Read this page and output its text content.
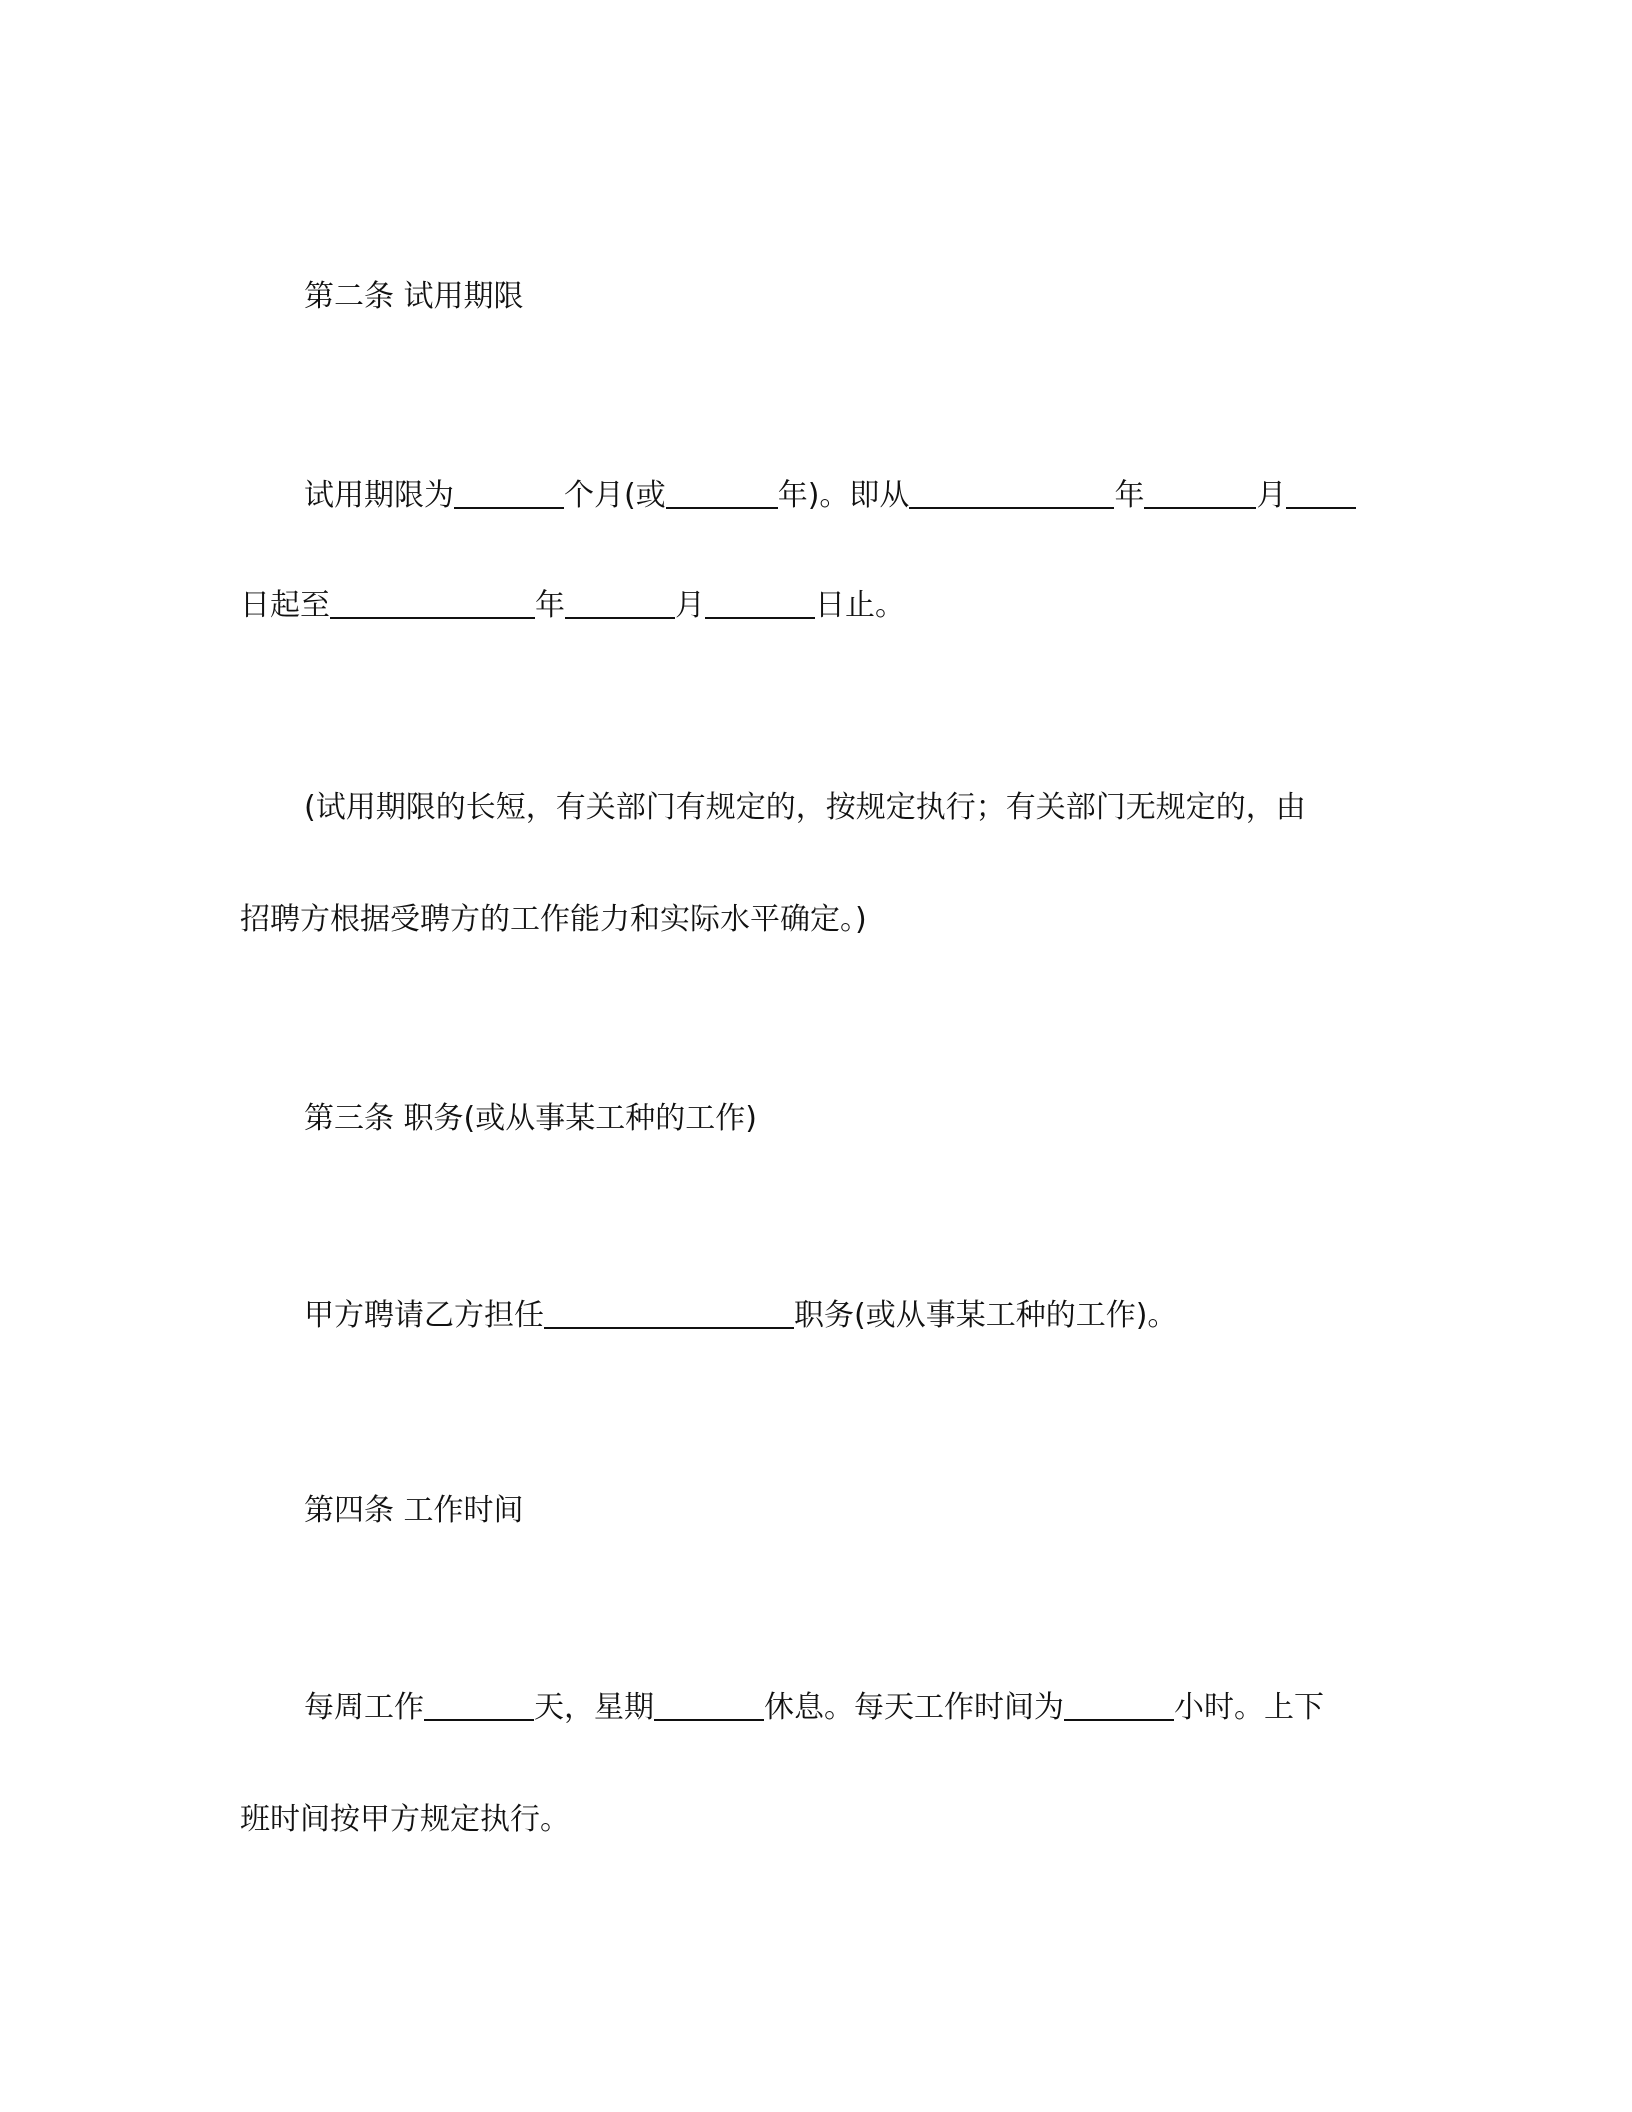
第二条 试用期限
试用期限为	个月(或	年)。即从	年	月
日起至	年	月	日止。
(试用期限的长短，有关部门有规定的，按规定执行；有关部门无规定的，由
招聘方根据受聘方的工作能力和实际水平确定。)
第三条 职务(或从事某工种的工作)
甲方聘请乙方担任	职务(或从事某工种的工作)。
第四条 工作时间
每周工作	天，星期	休息。每天工作时间为	小时。上下
班时间按甲方规定执行。
